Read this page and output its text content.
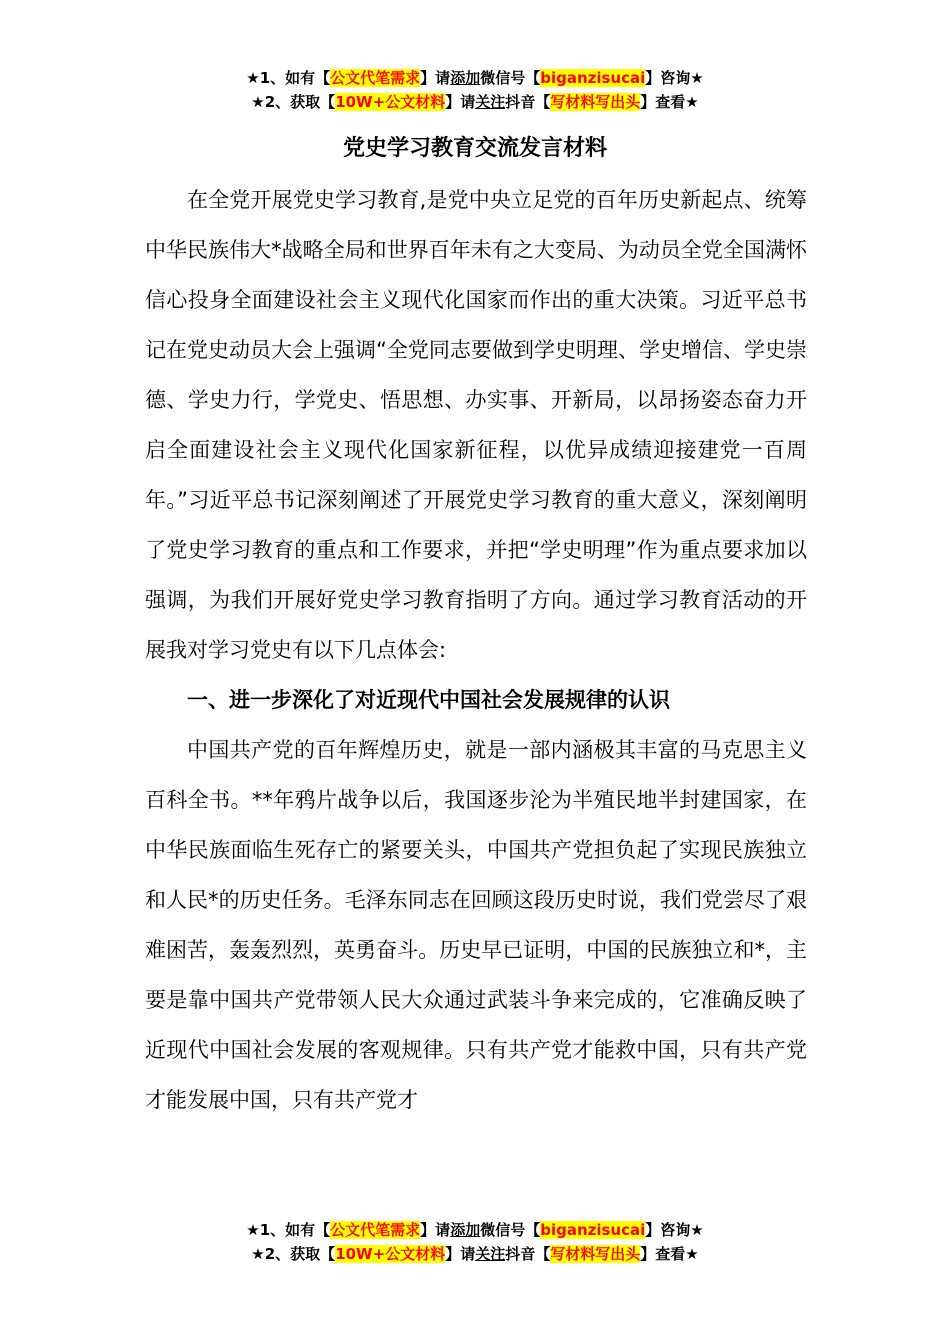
★1、如有【公文代笔需求】请添加微信号【biganzisucai】咨询★
★2、获取【10W+公文材料】请关注抖音【写材料写出头】查看★
党史学习教育交流发言材料

在全党开展党史学习教育,是党中央立足党的百年历史新起点、统筹中华民族伟大*战略全局和世界百年未有之大变局、为动员全党全国满怀信心投身全面建设社会主义现代化国家而作出的重大决策。习近平总书记在党史动员大会上强调“全党同志要做到学史明理、学史增信、学史崇德、学史力行，学党史、悟思想、办实事、开新局，以昂扬姿态奋力开启全面建设社会主义现代化国家新征程，以优异成绩迎接建党一百周年。”习近平总书记深刻阐述了开展党史学习教育的重大意义，深刻阐明了党史学习教育的重点和工作要求，并把“学史明理”作为重点要求加以强调，为我们开展好党史学习教育指明了方向。通过学习教育活动的开展我对学习党史有以下几点体会:

一、进一步深化了对近现代中国社会发展规律的认识

中国共产党的百年辉煌历史，就是一部内涵极其丰富的马克思主义百科全书。**年鸦片战争以后，我国逐步沦为半殖民地半封建国家，在中华民族面临生死存亡的紧要关头，中国共产党担负起了实现民族独立和人民*的历史任务。毛泽东同志在回顾这段历史时说，我们党尝尽了艰难困苦，轰轰烈烈，英勇奋斗。历史早已证明，中国的民族独立和*，主要是靠中国共产党带领人民大众通过武装斗争来完成的，它准确反映了近现代中国社会发展的客观规律。只有共产党才能救中国，只有共产党才能发展中国，只有共产党才

★1、如有【公文代笔需求】请添加微信号【biganzisucai】咨询★
★2、获取【10W+公文材料】请关注抖音【写材料写出头】查看★
